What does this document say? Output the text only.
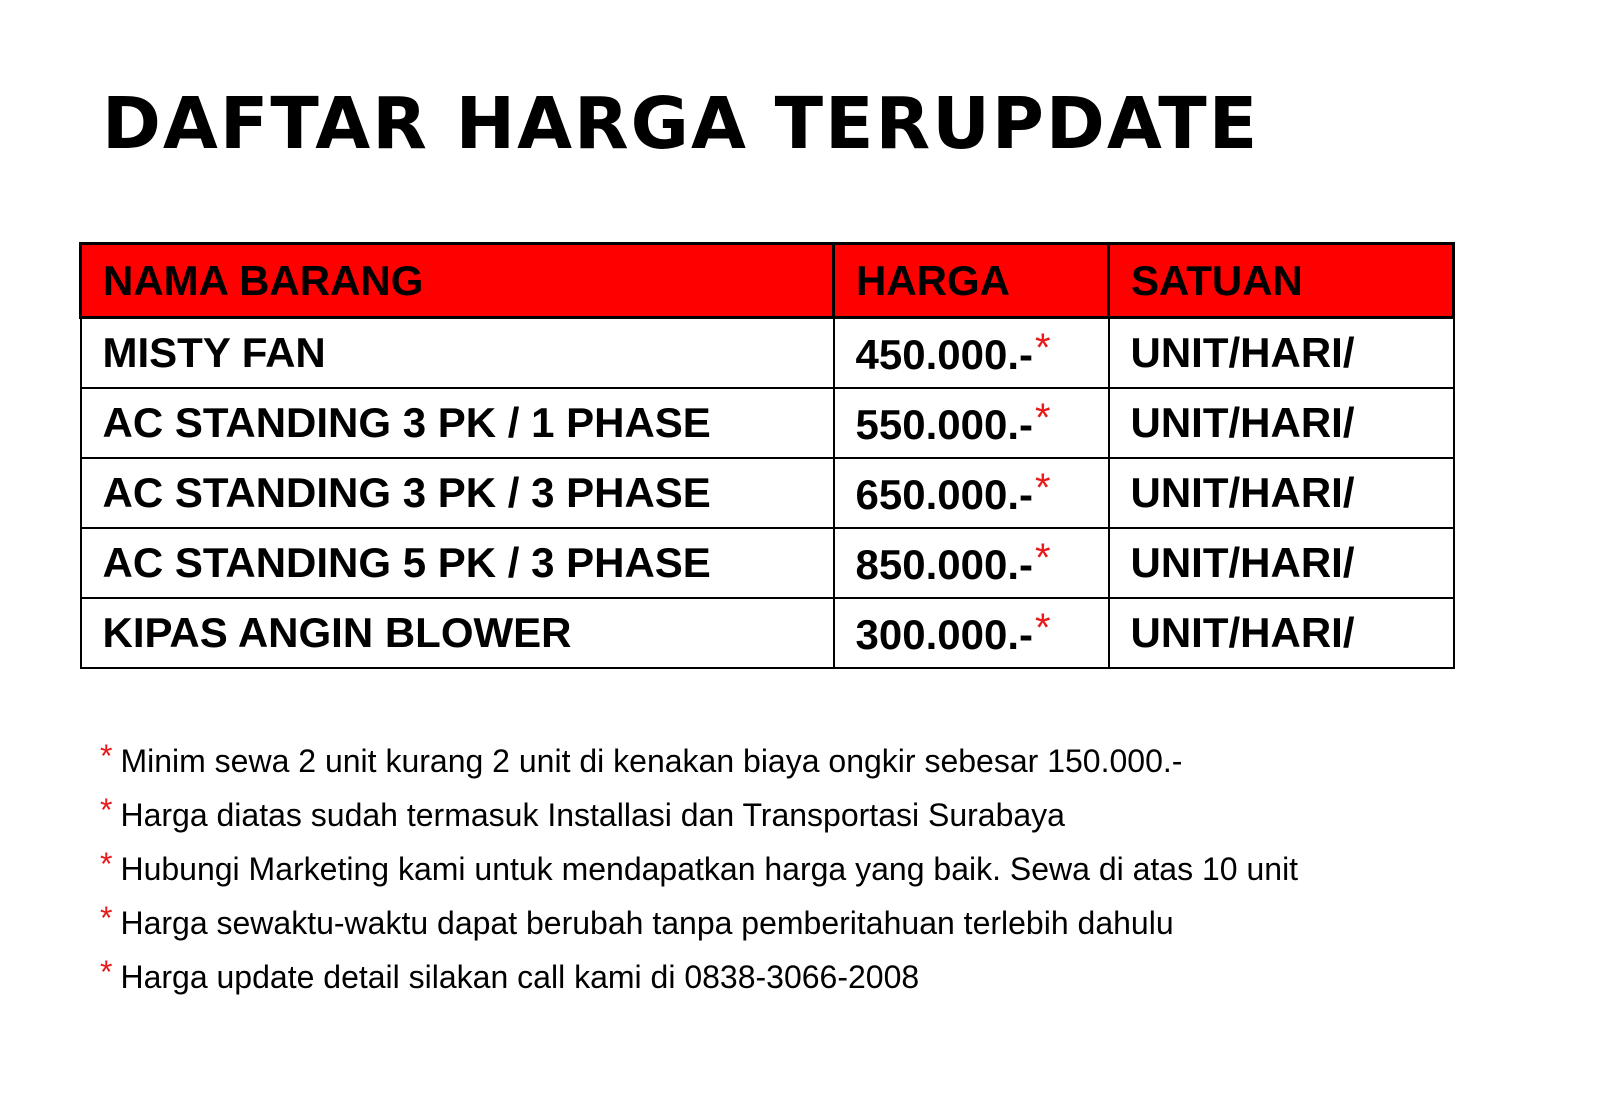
DAFTAR HARGA TERUPDATE
NAMA BARANG	HARGA	SATUAN
MISTY FAN	450.000.-*	UNIT/HARI/
AC STANDING 3 PK / 1 PHASE	550.000.-*	UNIT/HARI/
AC STANDING 3 PK / 3 PHASE	650.000.-*	UNIT/HARI/
AC STANDING 5 PK / 3 PHASE	850.000.-*	UNIT/HARI/
KIPAS ANGIN BLOWER	300.000.-*	UNIT/HARI/
* Minim sewa 2 unit kurang 2 unit di kenakan biaya ongkir sebesar 150.000.-
* Harga diatas sudah termasuk Installasi dan Transportasi Surabaya
* Hubungi Marketing kami untuk mendapatkan harga yang baik. Sewa di atas 10 unit
* Harga sewaktu-waktu dapat berubah tanpa pemberitahuan terlebih dahulu
* Harga update detail silakan call kami di 0838-3066-2008
